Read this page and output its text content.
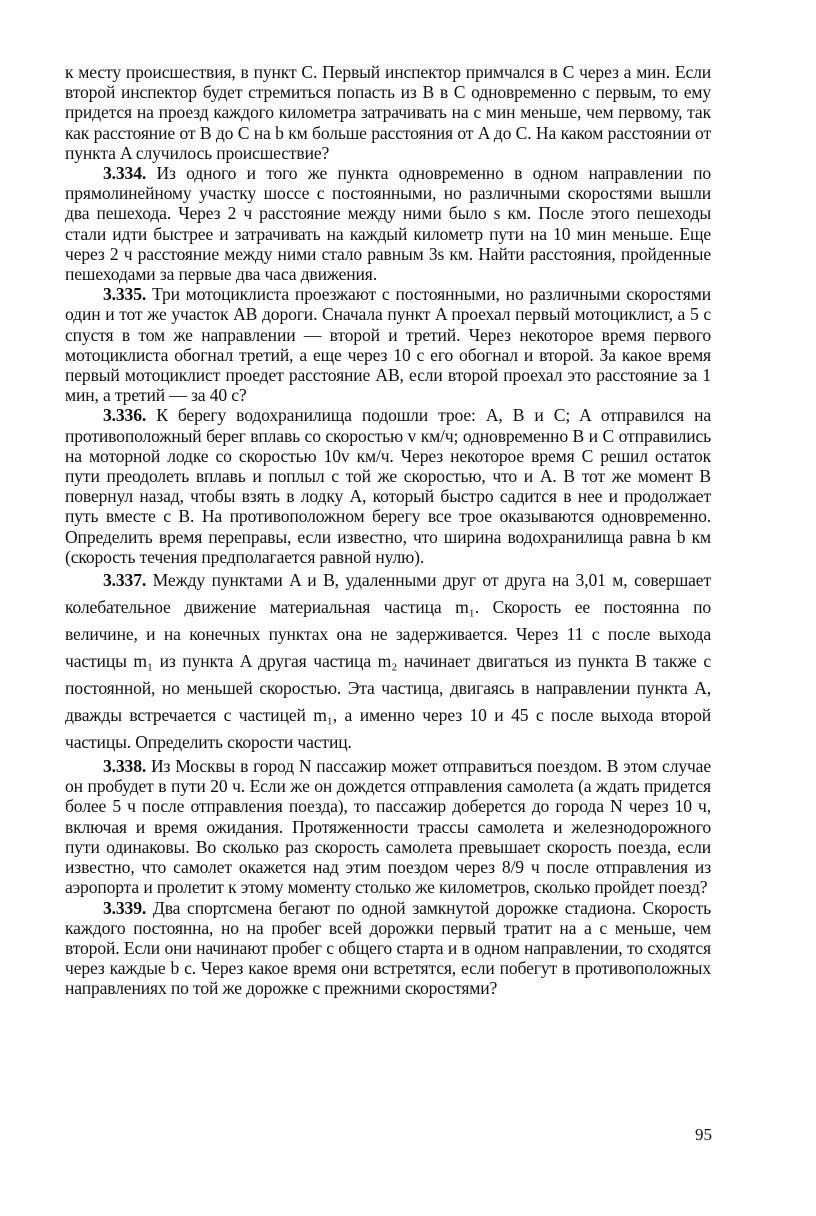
к месту происшествия, в пункт C. Первый инспектор примчался в C через a мин. Если второй инспектор будет стремиться попасть из B в C одновременно с первым, то ему придется на проезд каждого километра затрачивать на c мин меньше, чем первому, так как расстояние от B до C на b км больше расстояния от A до C. На каком расстоянии от пункта A случилось происшествие?

3.334. Из одного и того же пункта одновременно в одном направлении по прямолинейному участку шоссе с постоянными, но различными скоростями вышли два пешехода. Через 2 ч расстояние между ними было s км. После этого пешеходы стали идти быстрее и затрачивать на каждый километр пути на 10 мин меньше. Еще через 2 ч расстояние между ними стало равным 3s км. Найти расстояния, пройденные пешеходами за первые два часа движения.

3.335. Три мотоциклиста проезжают с постоянными, но различными скоростями один и тот же участок AB дороги. Сначала пункт A проехал первый мотоциклист, а 5 с спустя в том же направлении — второй и третий. Через некоторое время первого мотоциклиста обогнал третий, а еще через 10 с его обогнал и второй. За какое время первый мотоциклист проедет расстояние AB, если второй проехал это расстояние за 1 мин, а третий — за 40 с?

3.336. К берегу водохранилища подошли трое: A, B и C; A отправился на противоположный берег вплавь со скоростью v км/ч; одновременно B и C отправились на моторной лодке со скоростью 10v км/ч. Через некоторое время C решил остаток пути преодолеть вплавь и поплыл с той же скоростью, что и A. В тот же момент B повернул назад, чтобы взять в лодку A, который быстро садится в нее и продолжает путь вместе с B. На противоположном берегу все трое оказываются одновременно. Определить время переправы, если известно, что ширина водохранилища равна b км (скорость течения предполагается равной нулю).

3.337. Между пунктами A и B, удаленными друг от друга на 3,01 м, совершает колебательное движение материальная частица m₁. Скорость ее постоянна по величине, и на конечных пунктах она не задерживается. Через 11 с после выхода частицы m₁ из пункта A другая частица m₂ начинает двигаться из пункта B также с постоянной, но меньшей скоростью. Эта частица, двигаясь в направлении пункта A, дважды встречается с частицей m₁, а именно через 10 и 45 с после выхода второй частицы. Определить скорости частиц.

3.338. Из Москвы в город N пассажир может отправиться поездом. В этом случае он пробудет в пути 20 ч. Если же он дождется отправления самолета (а ждать придется более 5 ч после отправления поезда), то пассажир доберется до города N через 10 ч, включая и время ожидания. Протяженности трассы самолета и железнодорожного пути одинаковы. Во сколько раз скорость самолета превышает скорость поезда, если известно, что самолет окажется над этим поездом через 8/9 ч после отправления из аэропорта и пролетит к этому моменту столько же километров, сколько пройдет поезд?

3.339. Два спортсмена бегают по одной замкнутой дорожке стадиона. Скорость каждого постоянна, но на пробег всей дорожки первый тратит на a с меньше, чем второй. Если они начинают пробег с общего старта и в одном направлении, то сходятся через каждые b с. Через какое время они встретятся, если побегут в противоположных направлениях по той же дорожке с прежними скоростями?

95
